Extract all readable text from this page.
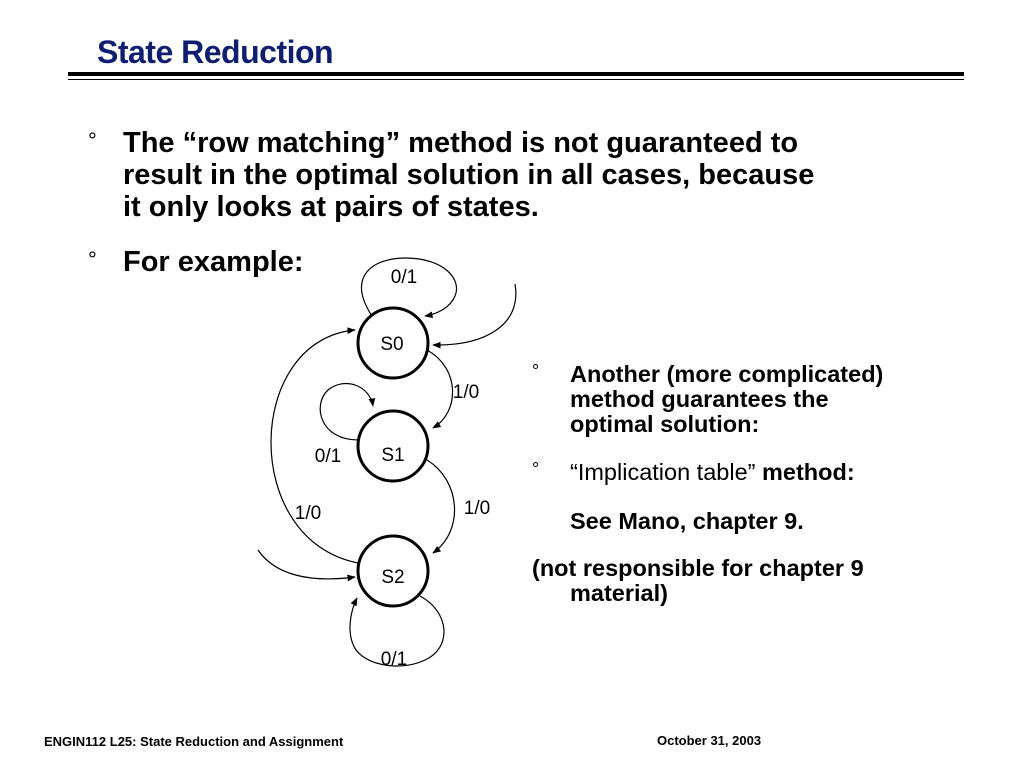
State Reduction
° The “row matching” method is not guaranteed to
result in the optimal solution in all cases, because
it only looks at pairs of states.
° For example:
S0
S1
S2
0/1
1/0
0/1
1/0
1/0
0/1
° Another (more complicated)
method guarantees the
optimal solution:
° “Implication table” method:
See Mano, chapter 9.
(not responsible for chapter 9
material)
ENGIN112 L25: State Reduction and Assignment	October 31, 2003
